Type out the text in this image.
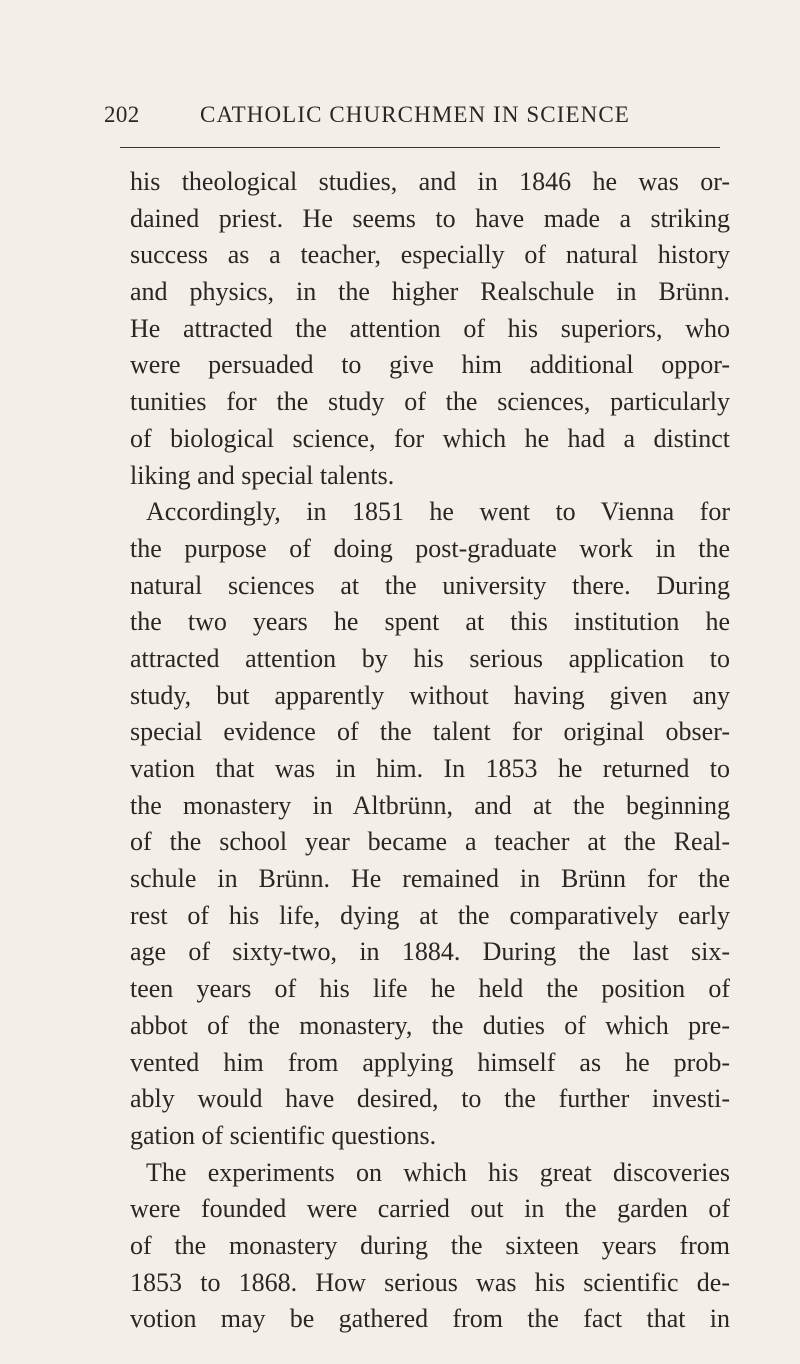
202	CATHOLIC CHURCHMEN IN SCIENCE
his theological studies, and in 1846 he was or-
dained priest. He seems to have made a striking
success as a teacher, especially of natural history
and physics, in the higher Realschule in Brünn.
He attracted the attention of his superiors, who
were persuaded to give him additional oppor-
tunities for the study of the sciences, particularly
of biological science, for which he had a distinct
liking and special talents.
Accordingly, in 1851 he went to Vienna for
the purpose of doing post-graduate work in the
natural sciences at the university there. During
the two years he spent at this institution he
attracted attention by his serious application to
study, but apparently without having given any
special evidence of the talent for original obser-
vation that was in him. In 1853 he returned to
the monastery in Altbrünn, and at the beginning
of the school year became a teacher at the Real-
schule in Brünn. He remained in Brünn for the
rest of his life, dying at the comparatively early
age of sixty-two, in 1884. During the last six-
teen years of his life he held the position of
abbot of the monastery, the duties of which pre-
vented him from applying himself as he prob-
ably would have desired, to the further investi-
gation of scientific questions.
The experiments on which his great discoveries
were founded were carried out in the garden of
of the monastery during the sixteen years from
1853 to 1868. How serious was his scientific de-
votion may be gathered from the fact that in
